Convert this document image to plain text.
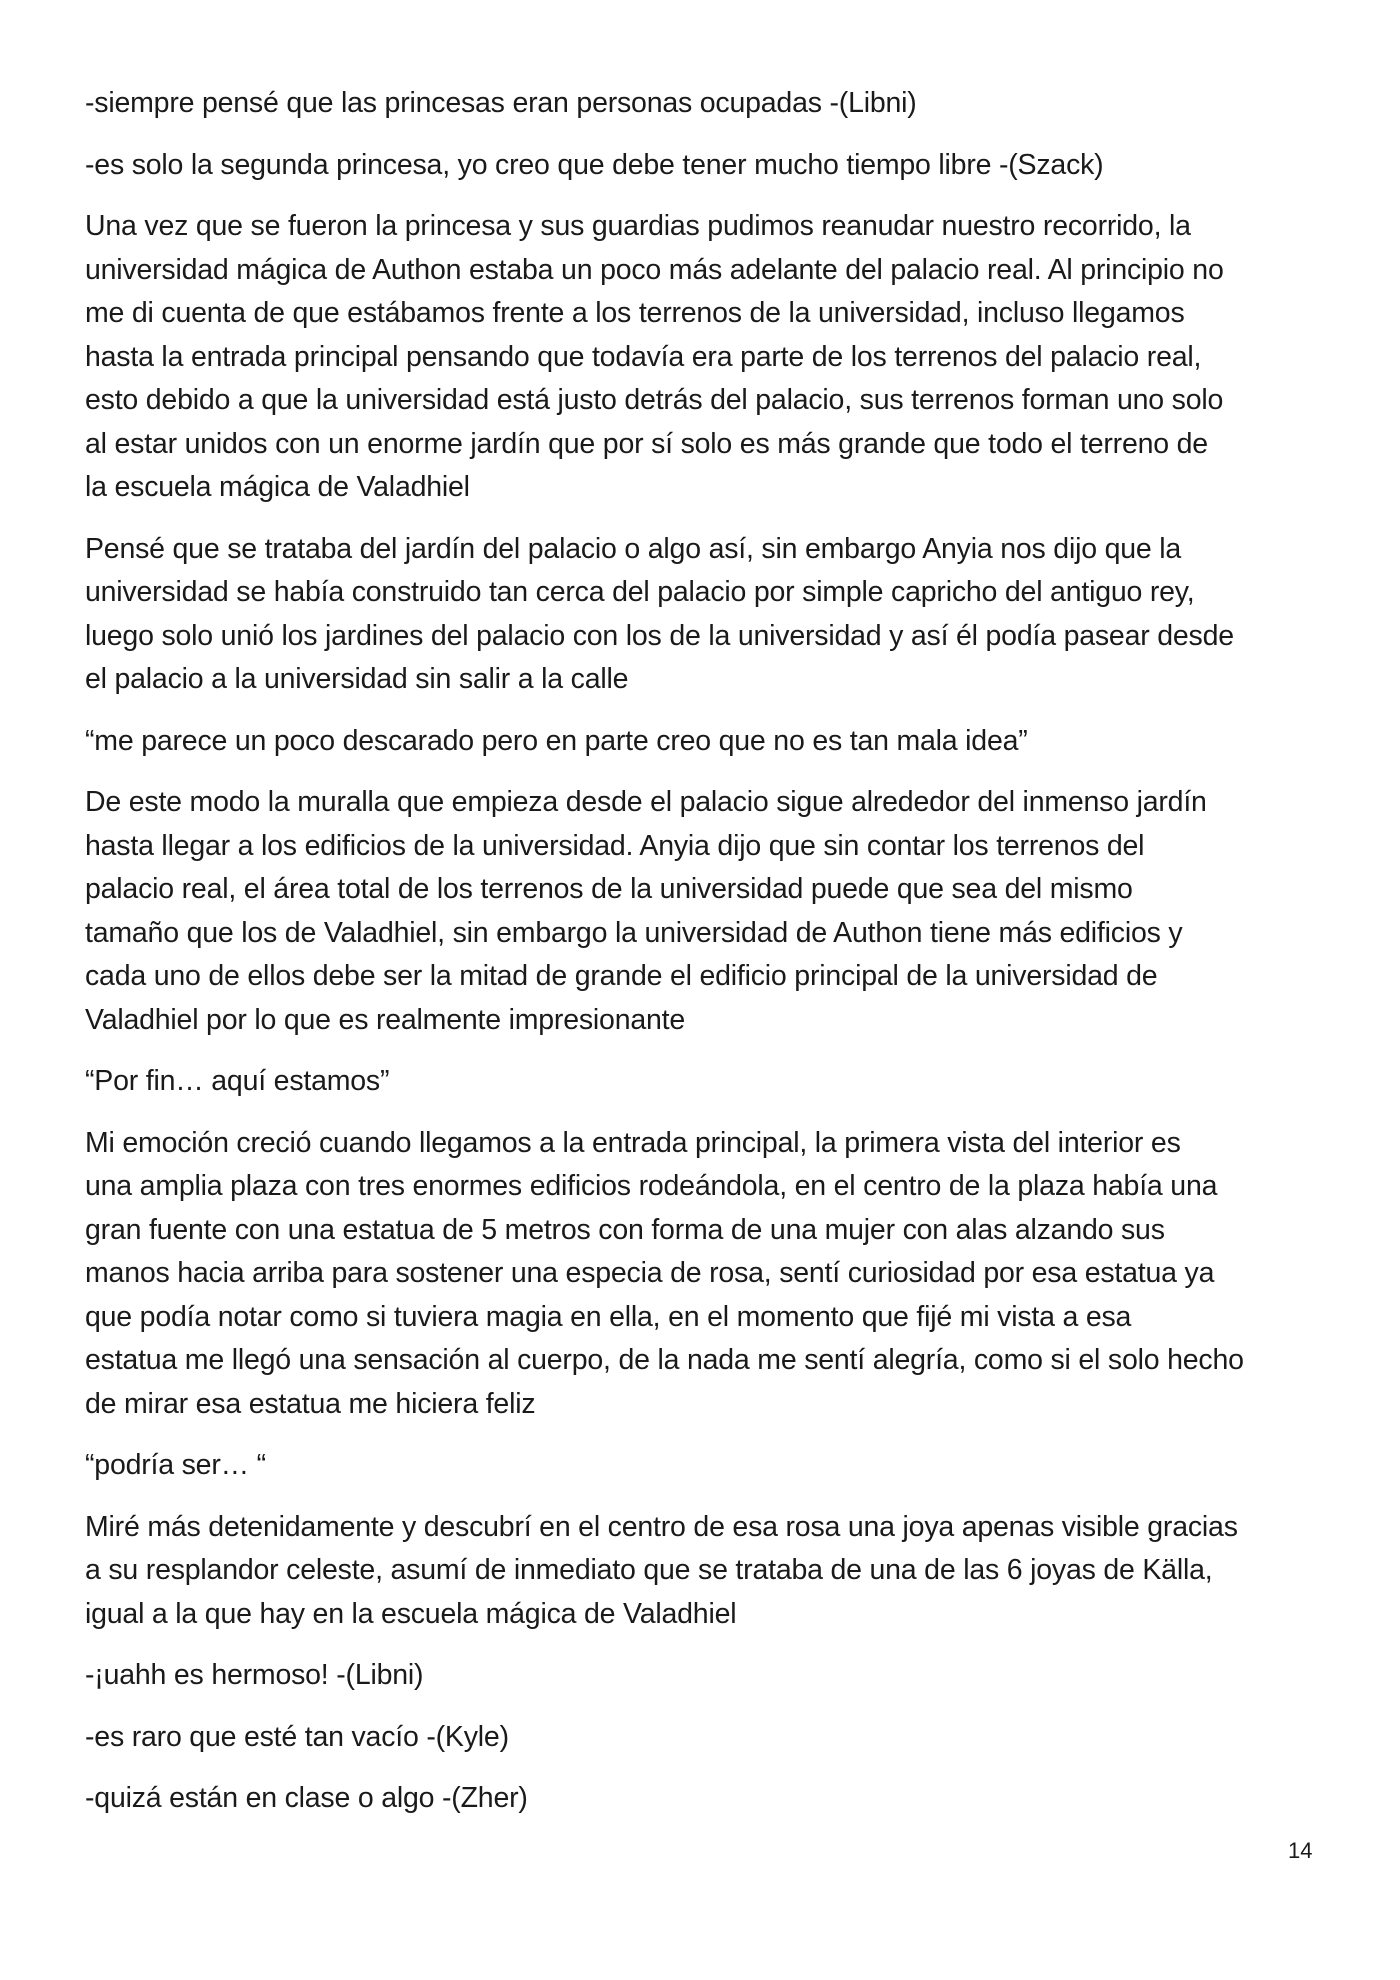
-siempre pensé que las princesas eran personas ocupadas -(Libni)

-es solo la segunda princesa, yo creo que debe tener mucho tiempo libre -(Szack)

Una vez que se fueron la princesa y sus guardias pudimos reanudar nuestro recorrido, la
universidad mágica de Authon estaba un poco más adelante del palacio real. Al principio no
me di cuenta de que estábamos frente a los terrenos de la universidad, incluso llegamos
hasta la entrada principal pensando que todavía era parte de los terrenos del palacio real,
esto debido a que la universidad está justo detrás del palacio, sus terrenos forman uno solo
al estar unidos con un enorme jardín que por sí solo es más grande que todo el terreno de
la escuela mágica de Valadhiel

Pensé que se trataba del jardín del palacio o algo así, sin embargo Anyia nos dijo que la
universidad se había construido tan cerca del palacio por simple capricho del antiguo rey,
luego solo unió los jardines del palacio con los de la universidad y así él podía pasear desde
el palacio a la universidad sin salir a la calle

“me parece un poco descarado pero en parte creo que no es tan mala idea”

De este modo la muralla que empieza desde el palacio sigue alrededor del inmenso jardín
hasta llegar a los edificios de la universidad. Anyia dijo que sin contar los terrenos del
palacio real, el área total de los terrenos de la universidad puede que sea del mismo
tamaño que los de Valadhiel, sin embargo la universidad de Authon tiene más edificios y
cada uno de ellos debe ser la mitad de grande el edificio principal de la universidad de
Valadhiel por lo que es realmente impresionante

“Por fin… aquí estamos”

Mi emoción creció cuando llegamos a la entrada principal, la primera vista del interior es
una amplia plaza con tres enormes edificios rodeándola, en el centro de la plaza había una
gran fuente con una estatua de 5 metros con forma de una mujer con alas alzando sus
manos hacia arriba para sostener una especia de rosa, sentí curiosidad por esa estatua ya
que podía notar como si tuviera magia en ella, en el momento que fijé mi vista a esa
estatua me llegó una sensación al cuerpo, de la nada me sentí alegría, como si el solo hecho
de mirar esa estatua me hiciera feliz

“podría ser… “

Miré más detenidamente y descubrí en el centro de esa rosa una joya apenas visible gracias
a su resplandor celeste, asumí de inmediato que se trataba de una de las 6 joyas de Källa,
igual a la que hay en la escuela mágica de Valadhiel

-¡uahh es hermoso! -(Libni)

-es raro que esté tan vacío -(Kyle)

-quizá están en clase o algo -(Zher)

14
